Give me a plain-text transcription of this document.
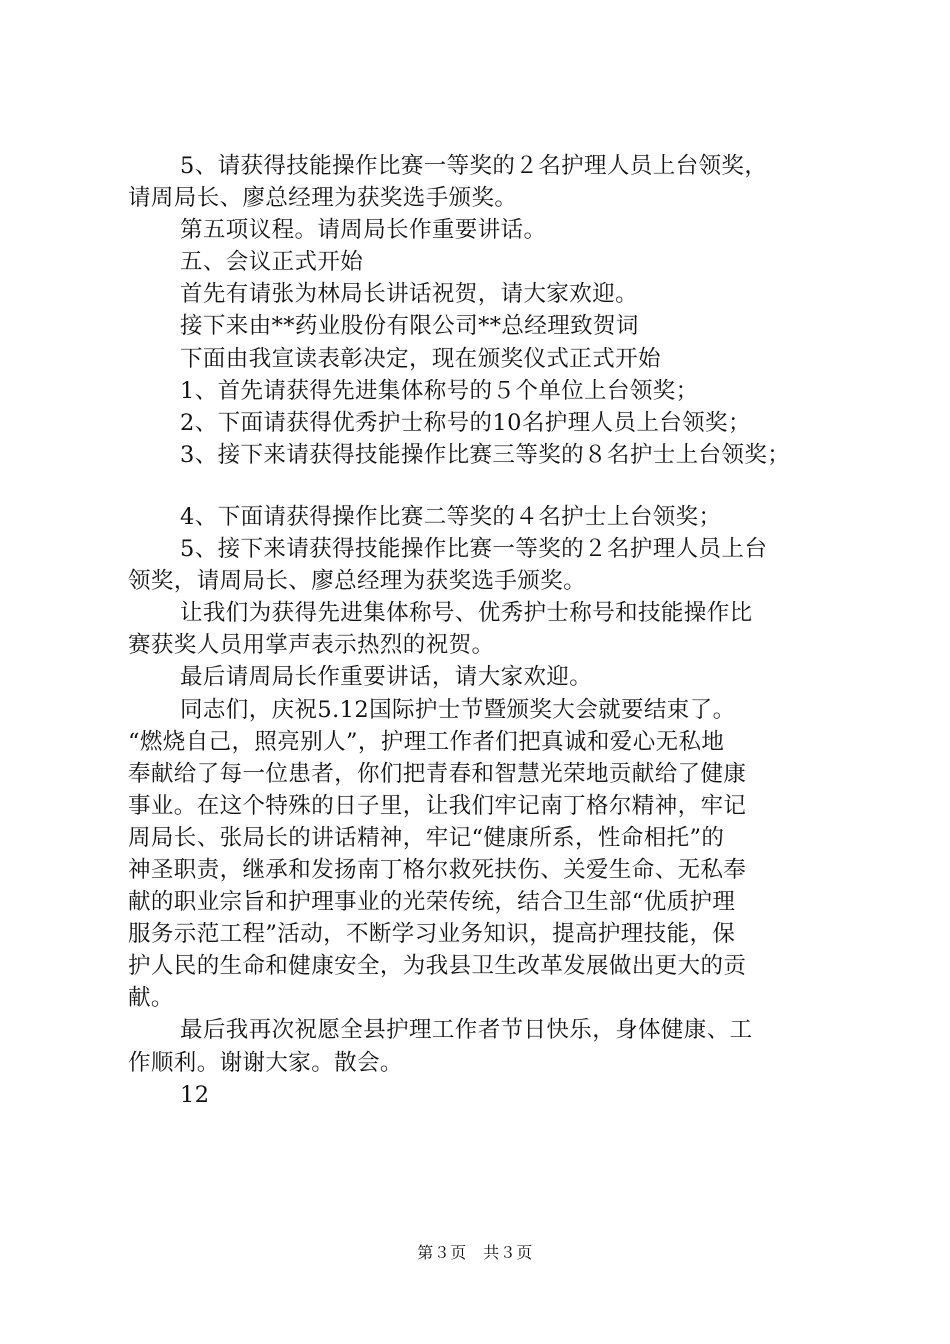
5、请获得技能操作比赛一等奖的２名护理人员上台领奖，
请周局长、廖总经理为获奖选手颁奖。
第五项议程。请周局长作重要讲话。
五、会议正式开始
首先有请张为林局长讲话祝贺，请大家欢迎。
接下来由**药业股份有限公司**总经理致贺词
下面由我宣读表彰决定，现在颁奖仪式正式开始
1、首先请获得先进集体称号的５个单位上台领奖；
2、下面请获得优秀护士称号的10名护理人员上台领奖；
3、接下来请获得技能操作比赛三等奖的８名护士上台领奖；
4、下面请获得操作比赛二等奖的４名护士上台领奖；
5、接下来请获得技能操作比赛一等奖的２名护理人员上台
领奖，请周局长、廖总经理为获奖选手颁奖。
让我们为获得先进集体称号、优秀护士称号和技能操作比
赛获奖人员用掌声表示热烈的祝贺。
最后请周局长作重要讲话，请大家欢迎。
同志们，庆祝5.12国际护士节暨颁奖大会就要结束了。
“燃烧自己，照亮别人”，护理工作者们把真诚和爱心无私地
奉献给了每一位患者，你们把青春和智慧光荣地贡献给了健康
事业。在这个特殊的日子里，让我们牢记南丁格尔精神，牢记
周局长、张局长的讲话精神，牢记“健康所系，性命相托”的
神圣职责，继承和发扬南丁格尔救死扶伤、关爱生命、无私奉
献的职业宗旨和护理事业的光荣传统，结合卫生部“优质护理
服务示范工程”活动，不断学习业务知识，提高护理技能，保
护人民的生命和健康安全，为我县卫生改革发展做出更大的贡
献。
最后我再次祝愿全县护理工作者节日快乐，身体健康、工
作顺利。谢谢大家。散会。
12
第３页　共３页
